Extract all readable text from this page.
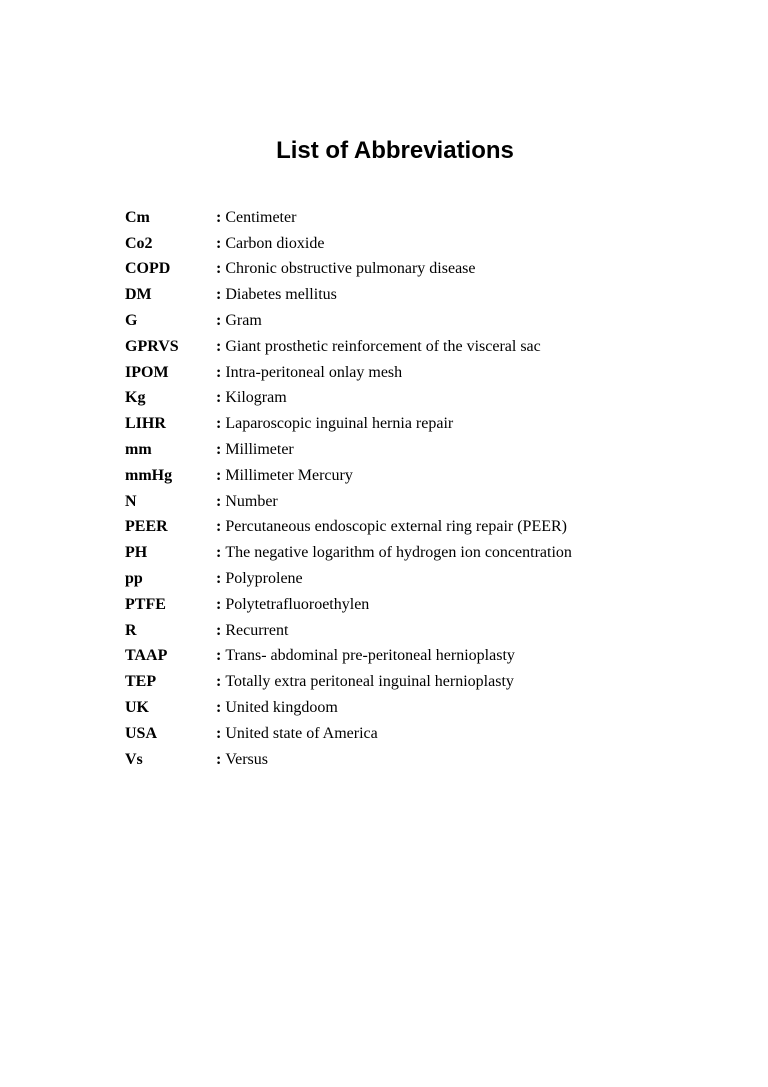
List of Abbreviations
Cm	: Centimeter
Co2	: Carbon dioxide
COPD	: Chronic obstructive pulmonary disease
DM	: Diabetes mellitus
G	: Gram
GPRVS	: Giant prosthetic reinforcement of the visceral sac
IPOM	: Intra-peritoneal onlay mesh
Kg	: Kilogram
LIHR	: Laparoscopic inguinal hernia repair
mm	: Millimeter
mmHg	: Millimeter Mercury
N	: Number
PEER	: Percutaneous endoscopic external ring repair (PEER)
PH	: The negative logarithm of hydrogen ion concentration
pp	: Polyprolene
PTFE	: Polytetrafluoroethylen
R	: Recurrent
TAAP	: Trans- abdominal pre-peritoneal hernioplasty
TEP	: Totally extra peritoneal inguinal hernioplasty
UK	: United kingdoom
USA	: United state of America
Vs	: Versus
